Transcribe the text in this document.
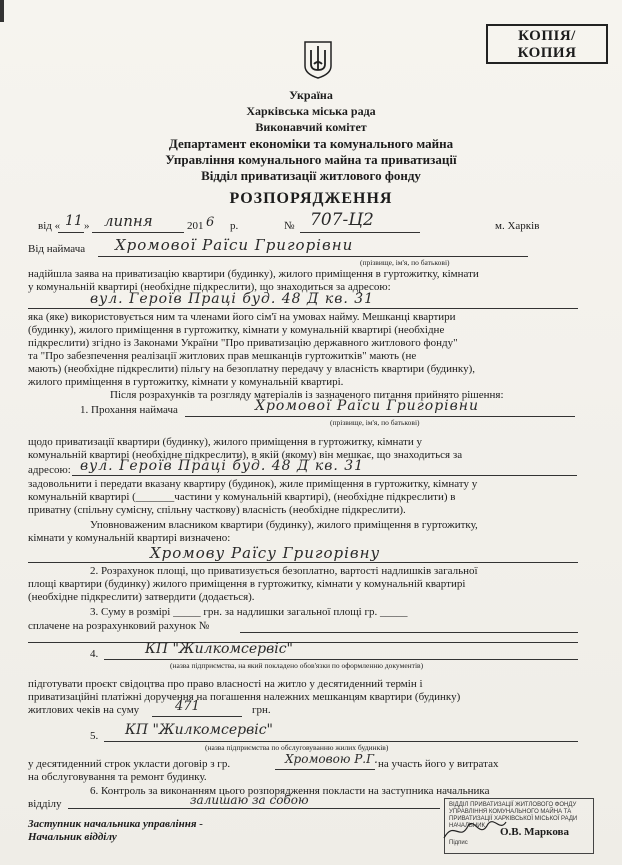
КОПІЯ/
КОПИЯ
Україна
Харківська міська рада
Виконавчий комітет
Департамент економіки та комунального майна
Управління комунального майна та приватизації
Відділ приватизації житлового фонду
РОЗПОРЯДЖЕННЯ
від « 11 » липня	201 6 р.	№ 707-Ц2	м. Харків
Від наймача Хромової Раїси Григорівни
(прізвище, ім'я, по батькові)
надійшла заява на приватизацію квартири (будинку), жилого приміщення в гуртожитку, кімнати
у комунальній квартирі (необхідне підкреслити), що знаходиться за адресою:
вул. Героїв Праці буд. 48 Д кв. 31
яка (яке) використовується ним та членами його сім'ї на умовах найму. Мешканці квартири
(будинку), жилого приміщення в гуртожитку, кімнати у комунальній квартирі (необхідне
підкреслити) згідно із Законами України "Про приватизацію державного житлового фонду"
та "Про забезпечення реалізації житлових прав мешканців гуртожитків" мають (не
мають) (необхідне підкреслити) пільгу на безоплатну передачу у власність квартири (будинку),
жилого приміщення в гуртожитку, кімнати у комунальній квартирі.
Після розрахунків та розгляду матеріалів із зазначеного питання прийнято рішення:
1. Прохання наймача	Хромової Раїси Григорівни
(прізвище, ім'я, по батькові)
щодо приватизації квартири (будинку), жилого приміщення в гуртожитку, кімнати у
комунальній квартирі (необхідне підкреслити), в якій (якому) він мешкає, що знаходиться за
адресою: вул. Героїв Праці буд. 48 Д кв. 31
задовольнити і передати вказану квартиру (будинок), жиле приміщення в гуртожитку, кімнату у
комунальній квартирі (_______частини у комунальній квартирі), (необхідне підкреслити) в
приватну (спільну сумісну, спільну часткову) власність (необхідне підкреслити).
Уповноваженим власником квартири (будинку), жилого приміщення в гуртожитку,
кімнати у комунальній квартирі визначено:
Хромову Раїсу Григорівну
2. Розрахунок площі, що приватизується безоплатно, вартості надлишків загальної
площі квартири (будинку) жилого приміщення в гуртожитку, кімнати у комунальній квартирі
(необхідне підкреслити) затвердити (додається).
3. Суму в розмірі _____ грн. за надлишки загальної площі гр. _____
сплачене на розрахунковий рахунок №
4.	КП "Жилкомсервіс"
(назва підприємства, на який покладено обов'язки по оформленню документів)
підготувати проєкт свідоцтва про право власності на житло у десятиденний термін і
приватизаційні платіжні доручення на погашення належних мешканцям квартири (будинку)
житлових чеків на суму	471	грн.
5. КП "Жилкомсервіс"
(назва підприємства по обслуговуванню жилих будинків)
у десятиденний строк укласти договір з гр.	Хромовою Р.Г. на участь його у витратах
на обслуговування та ремонт будинку.
6. Контроль за виконанням цього розпорядження покласти на заступника начальника
відділу	залишаю за собою
Заступник начальника управління -
Начальник відділу
ВІДДІЛ ПРИВАТИЗАЦІЇ ЖИТЛОВОГО ФОНДУ УПРАВЛІННЯ КОМУНАЛЬНОГО МАЙНА ТА ПРИВАТИЗАЦІЇ ХАРКІВСЬКОЇ МІСЬКОЇ РАДИ НАЧАЛЬНИК
Підпис
О.В. Маркова
